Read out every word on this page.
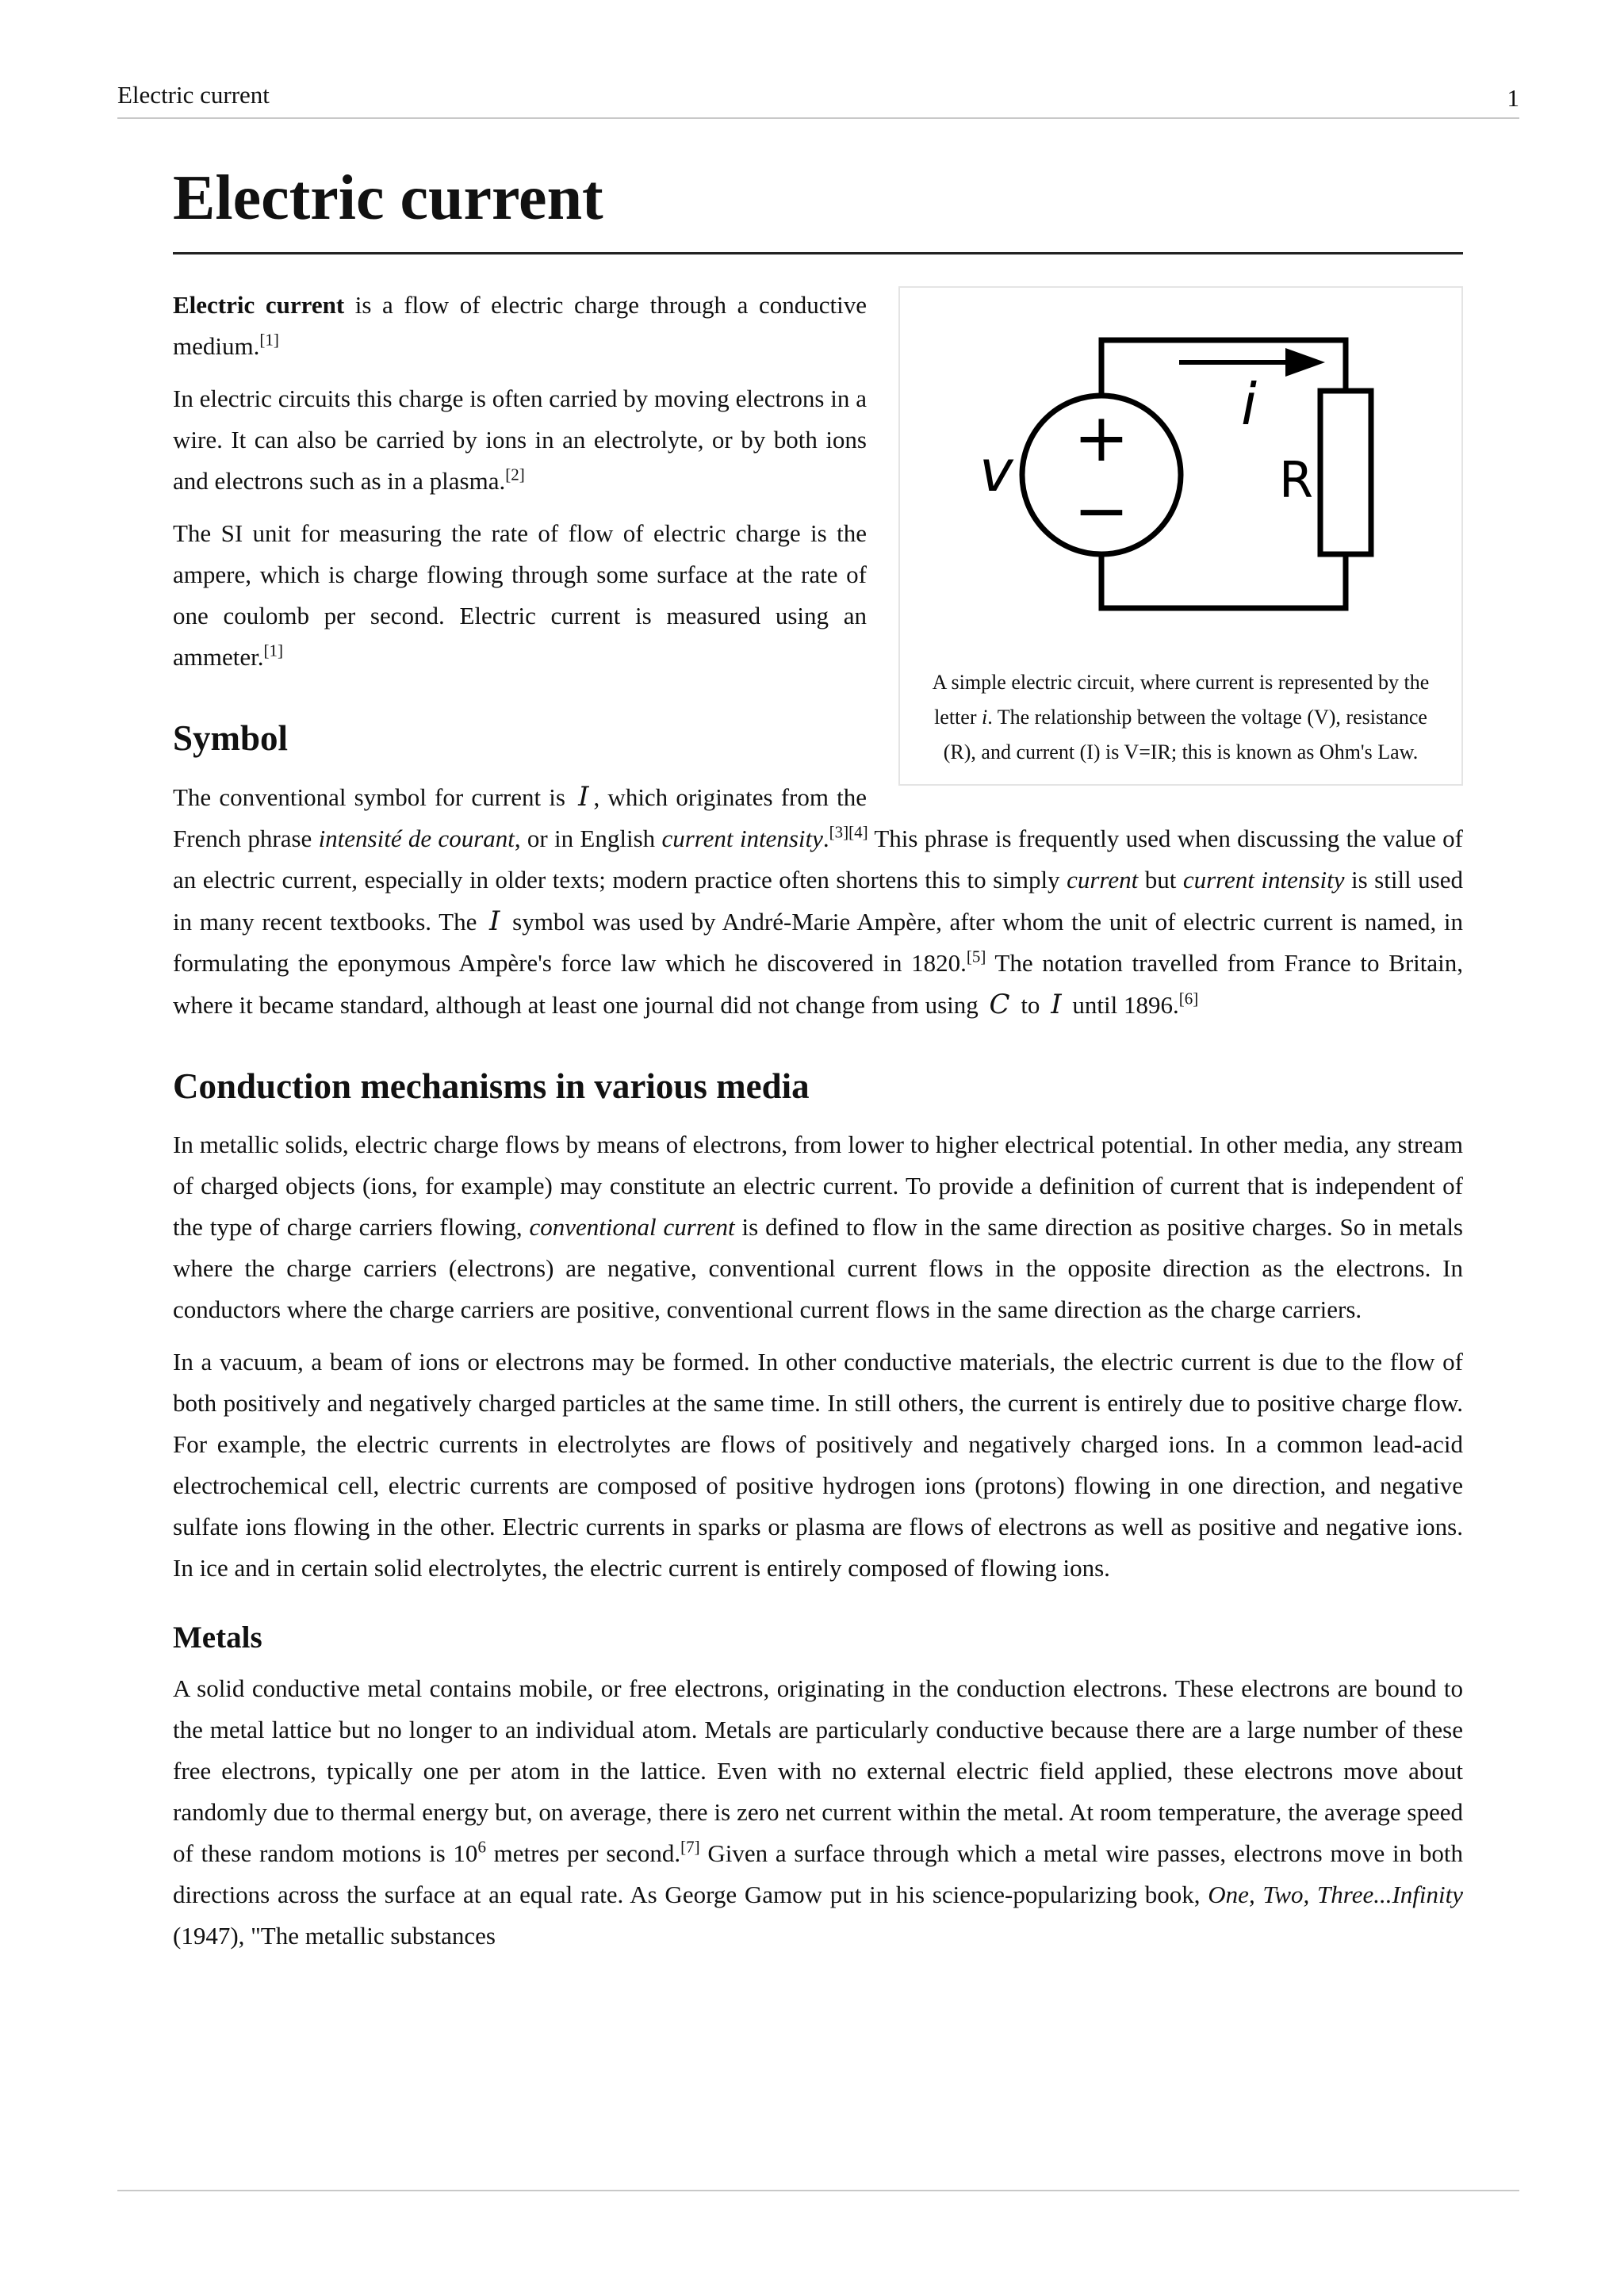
Electric current	1
Electric current
+
−
v
i
R
A simple electric circuit, where current is represented by the letter i. The relationship between the voltage (V), resistance (R), and current (I) is V=IR; this is known as Ohm's Law.

Electric current is a flow of electric charge through a conductive medium.[1]

In electric circuits this charge is often carried by moving electrons in a wire. It can also be carried by ions in an electrolyte, or by both ions and electrons such as in a plasma.[2]

The SI unit for measuring the rate of flow of electric charge is the ampere, which is charge flowing through some surface at the rate of one coulomb per second. Electric current is measured using an ammeter.[1]

Symbol

The conventional symbol for current is I , which originates from the French phrase intensité de courant, or in English current intensity.[3][4] This phrase is frequently used when discussing the value of an electric current, especially in older texts; modern practice often shortens this to simply current but current intensity is still used in many recent textbooks. The I symbol was used by André-Marie Ampère, after whom the unit of electric current is named, in formulating the eponymous Ampère's force law which he discovered in 1820.[5] The notation travelled from France to Britain, where it became standard, although at least one journal did not change from using C to I until 1896.[6]

Conduction mechanisms in various media

In metallic solids, electric charge flows by means of electrons, from lower to higher electrical potential. In other media, any stream of charged objects (ions, for example) may constitute an electric current. To provide a definition of current that is independent of the type of charge carriers flowing, conventional current is defined to flow in the same direction as positive charges. So in metals where the charge carriers (electrons) are negative, conventional current flows in the opposite direction as the electrons. In conductors where the charge carriers are positive, conventional current flows in the same direction as the charge carriers.

In a vacuum, a beam of ions or electrons may be formed. In other conductive materials, the electric current is due to the flow of both positively and negatively charged particles at the same time. In still others, the current is entirely due to positive charge flow. For example, the electric currents in electrolytes are flows of positively and negatively charged ions. In a common lead-acid electrochemical cell, electric currents are composed of positive hydrogen ions (protons) flowing in one direction, and negative sulfate ions flowing in the other. Electric currents in sparks or plasma are flows of electrons as well as positive and negative ions. In ice and in certain solid electrolytes, the electric current is entirely composed of flowing ions.

Metals

A solid conductive metal contains mobile, or free electrons, originating in the conduction electrons. These electrons are bound to the metal lattice but no longer to an individual atom. Metals are particularly conductive because there are a large number of these free electrons, typically one per atom in the lattice. Even with no external electric field applied, these electrons move about randomly due to thermal energy but, on average, there is zero net current within the metal. At room temperature, the average speed of these random motions is $10^6$ metres per second.[7] Given a surface through which a metal wire passes, electrons move in both directions across the surface at an equal rate. As George Gamow put in his science-popularizing book, One, Two, Three...Infinity (1947), "The metallic substances
